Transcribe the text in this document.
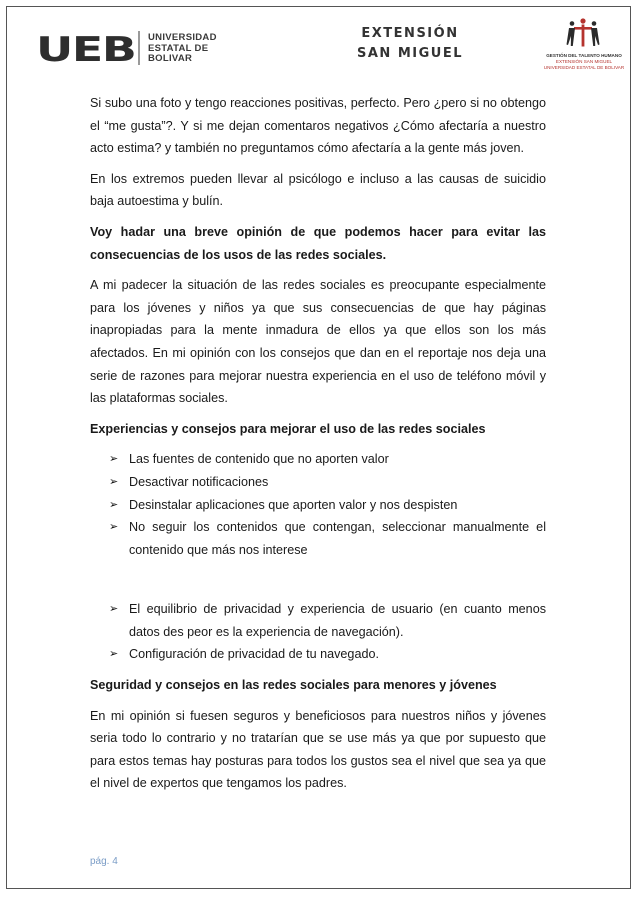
UEB UNIVERSIDAD
ESTATAL DE
BOLIVAR
EXTENSIÓN
SAN MIGUEL	GESTIÓN DEL TALENTO HUMANO
EXTENSIÓN SAN MIGUEL
UNIVERSIDAD ESTATAL DE BOLIVAR

Si subo una foto y tengo reacciones positivas, perfecto. Pero ¿pero si no obtengo el “me gusta”?. Y si me dejan comentaros negativos ¿Cómo afectaría a nuestro acto estima? y también no preguntamos cómo afectaría a la gente más joven.

En los extremos pueden llevar al psicólogo e incluso a las causas de suicidio baja autoestima y bulín.

Voy hadar una breve opinión de que podemos hacer para evitar las consecuencias de los usos de las redes sociales.

A mi padecer la situación de las redes sociales es preocupante especialmente para los jóvenes y niños ya que sus consecuencias de que hay páginas inapropiadas para la mente inmadura de ellos ya que ellos son los más afectados. En mi opinión con los consejos que dan en el reportaje nos deja una serie de razones para mejorar nuestra experiencia en el uso de teléfono móvil y las plataformas sociales.

Experiencias y consejos para mejorar el uso de las redes sociales

➢ Las fuentes de contenido que no aporten valor
➢ Desactivar notificaciones
➢ Desinstalar aplicaciones que aporten valor y nos despisten
➢ No seguir los contenidos que contengan, seleccionar manualmente el contenido que más nos interese
➢ El equilibrio de privacidad y experiencia de usuario (en cuanto menos datos des peor es la experiencia de navegación).
➢ Configuración de privacidad de tu navegado.

Seguridad y consejos en las redes sociales para menores y jóvenes

En mi opinión si fuesen seguros y beneficiosos para nuestros niños y jóvenes seria todo lo contrario y no tratarían que se use más ya que por supuesto que para estos temas hay posturas para todos los gustos sea el nivel que sea ya que el nivel de expertos que tengamos los padres.

pág. 4
